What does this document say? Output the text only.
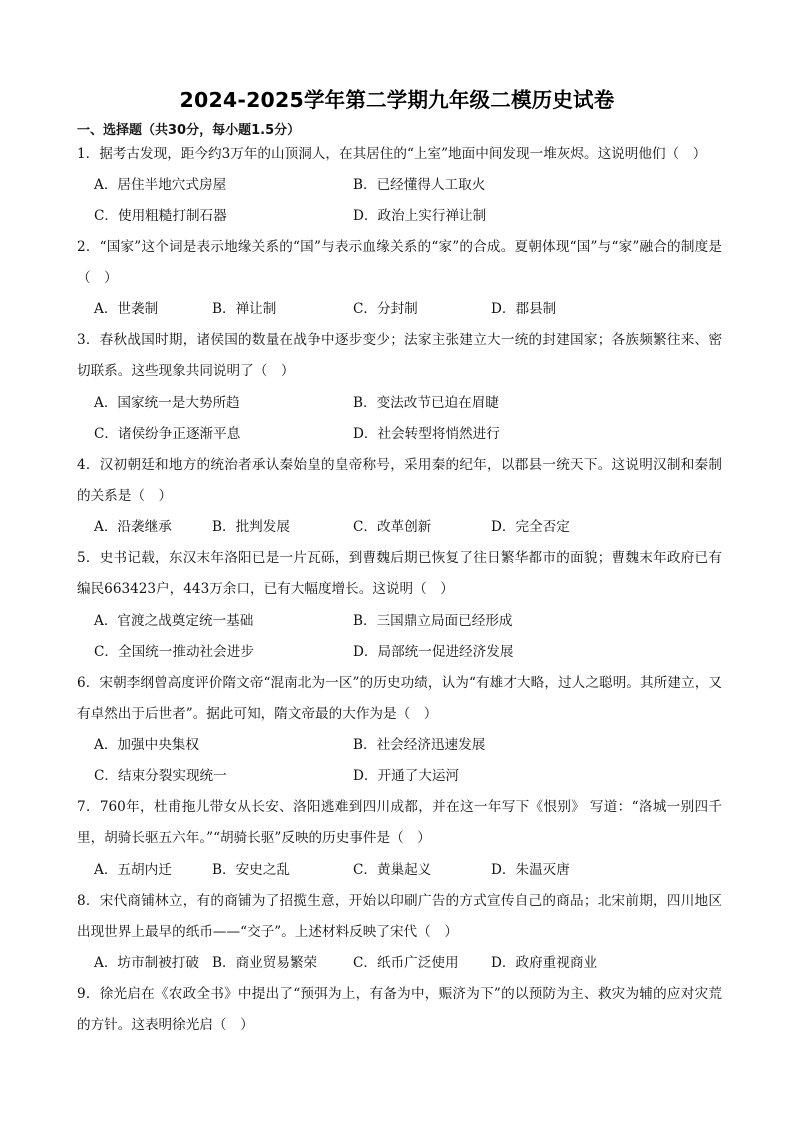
2024-2025学年第二学期九年级二模历史试卷
一、选择题（共30分，每小题1.5分）
1．据考古发现，距今约3万年的山顶洞人，在其居住的“上室”地面中间发现一堆灰烬。这说明他们（　）
A．居住半地穴式房屋	B．已经懂得人工取火
C．使用粗糙打制石器	D．政治上实行禅让制
2．“国家”这个词是表示地缘关系的“国”与表示血缘关系的“家”的合成。夏朝体现“国”与“家”融合的制度是（　）
A．世袭制	B．禅让制	C．分封制	D．郡县制
3．春秋战国时期，诸侯国的数量在战争中逐步变少；法家主张建立大一统的封建国家；各族频繁往来、密切联系。这些现象共同说明了（　）
A．国家统一是大势所趋	B．变法改节已迫在眉睫
C．诸侯纷争正逐渐平息	D．社会转型将悄然进行
4．汉初朝廷和地方的统治者承认秦始皇的皇帝称号，采用秦的纪年，以郡县一统天下。这说明汉制和秦制的关系是（　）
A．沿袭继承	B．批判发展	C．改革创新	D．完全否定
5．史书记载，东汉末年洛阳已是一片瓦砾，到曹魏后期已恢复了往日繁华都市的面貌；曹魏末年政府已有编民663423户，443万余口，已有大幅度增长。这说明（　）
A．官渡之战奠定统一基础	B．三国鼎立局面已经形成
C．全国统一推动社会进步	D．局部统一促进经济发展
6．宋朝李纲曾高度评价隋文帝“混南北为一区”的历史功绩，认为“有雄才大略，过人之聪明。其所建立，又有卓然出于后世者”。据此可知，隋文帝最的大作为是（　）
A．加强中央集权	B．社会经济迅速发展
C．结束分裂实现统一	D．开通了大运河
7．760年，杜甫拖儿带女从长安、洛阳逃难到四川成都，并在这一年写下《恨别》 写道：“洛城一别四千里，胡骑长驱五六年。”“胡骑长驱”反映的历史事件是（　）
A．五胡内迁	B．安史之乱	C．黄巢起义	D．朱温灭唐
8．宋代商铺林立，有的商铺为了招揽生意，开始以印刷广告的方式宣传自己的商品；北宋前期，四川地区出现世界上最早的纸币——“交子”。上述材料反映了宋代（　）
A．坊市制被打破 B．商业贸易繁荣	C．纸币广泛使用 D．政府重视商业
9．徐光启在《农政全书》中提出了“预弭为上，有备为中，赈济为下”的以预防为主、救灾为辅的应对灾荒的方针。这表明徐光启（　）
